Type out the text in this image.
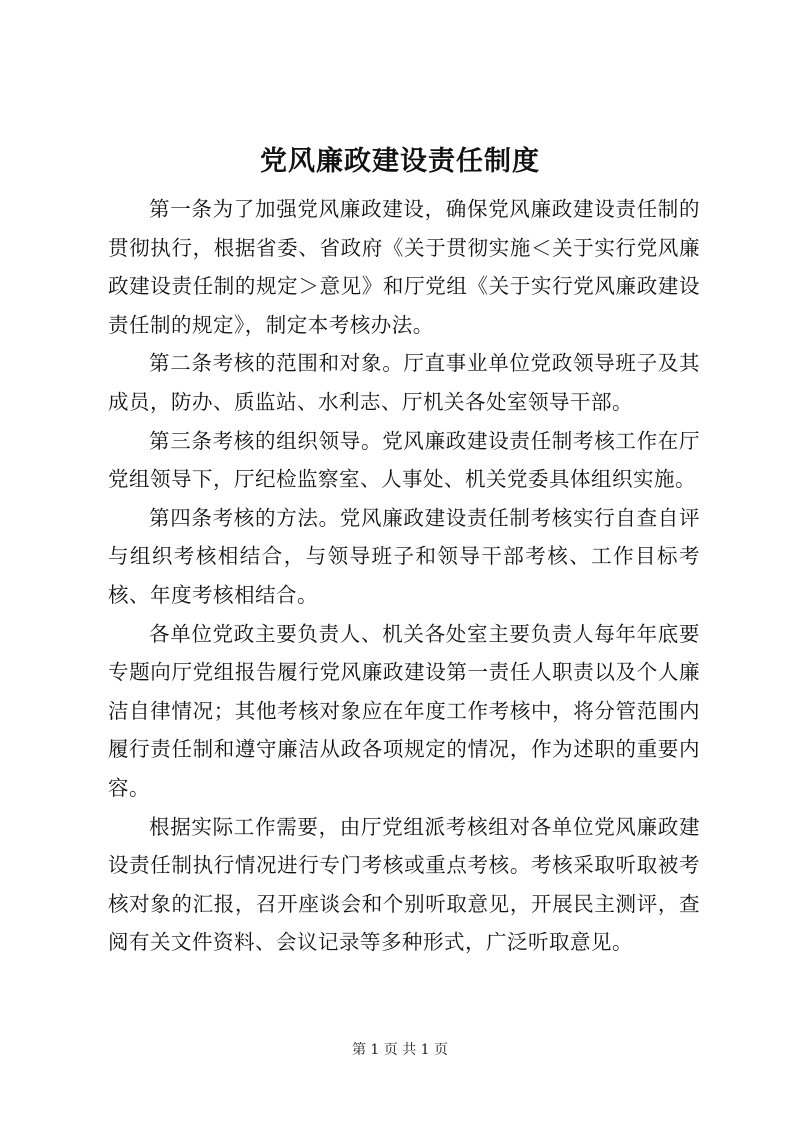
党风廉政建设责任制度

第一条为了加强党风廉政建设，确保党风廉政建设责任制的贯彻执行，根据省委、省政府《关于贯彻实施＜关于实行党风廉政建设责任制的规定＞意见》和厅党组《关于实行党风廉政建设责任制的规定》，制定本考核办法。

第二条考核的范围和对象。厅直事业单位党政领导班子及其成员，防办、质监站、水利志、厅机关各处室领导干部。

第三条考核的组织领导。党风廉政建设责任制考核工作在厅党组领导下，厅纪检监察室、人事处、机关党委具体组织实施。

第四条考核的方法。党风廉政建设责任制考核实行自查自评与组织考核相结合，与领导班子和领导干部考核、工作目标考核、年度考核相结合。

各单位党政主要负责人、机关各处室主要负责人每年年底要专题向厅党组报告履行党风廉政建设第一责任人职责以及个人廉洁自律情况；其他考核对象应在年度工作考核中，将分管范围内履行责任制和遵守廉洁从政各项规定的情况，作为述职的重要内容。

根据实际工作需要，由厅党组派考核组对各单位党风廉政建设责任制执行情况进行专门考核或重点考核。考核采取听取被考核对象的汇报，召开座谈会和个别听取意见，开展民主测评，查阅有关文件资料、会议记录等多种形式，广泛听取意见。

第 1 页 共 1 页
